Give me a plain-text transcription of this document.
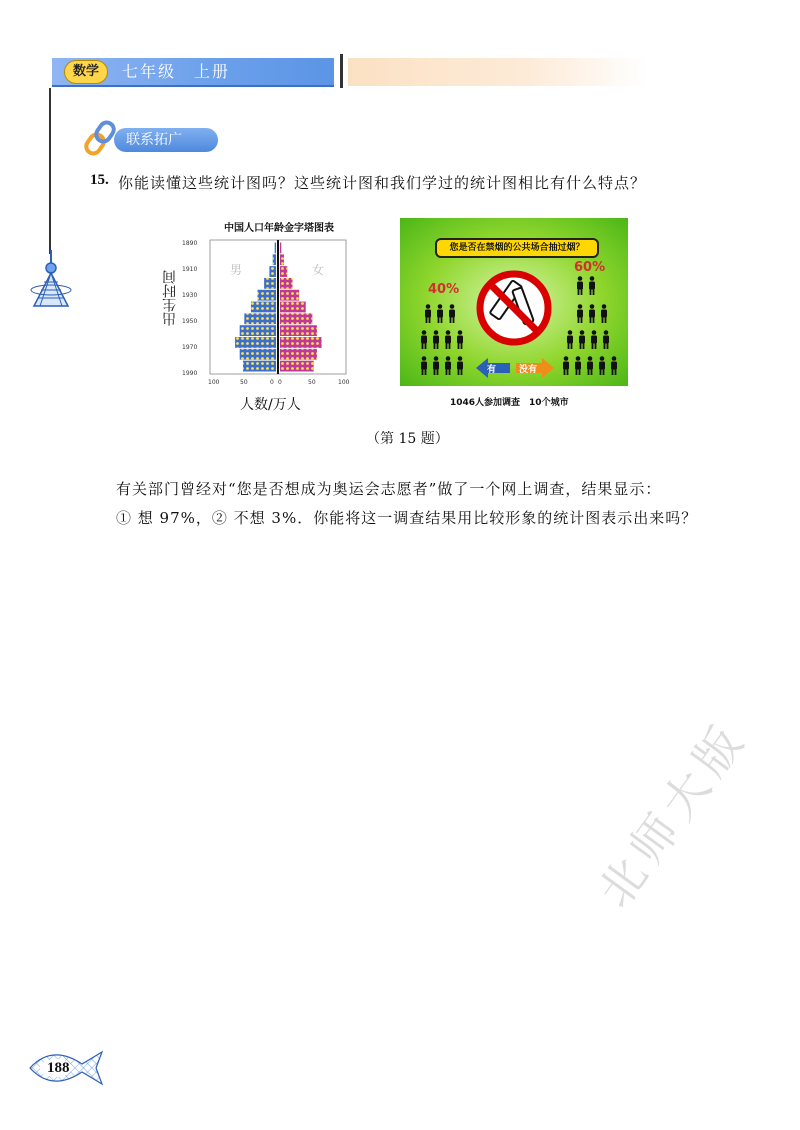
数学	七年级　上册
联系拓广
15. 你能读懂这些统计图吗？这些统计图和我们学过的统计图相比有什么特点？
中国人口年龄金字塔图表
出生时间
1890
1910
1930
1950
1970
1990
100	50	0 0	50	100
男	女
人数/万人
您是否在禁烟的公共场合抽过烟？
40%
60%
有	没有
1046人参加调查　10个城市
（第 15 题）
有关部门曾经对“您是否想成为奥运会志愿者”做了一个网上调查，结果显示：
① 想 97%，② 不想 3%．你能将这一调查结果用比较形象的统计图表示出来吗？
188
北师大版
